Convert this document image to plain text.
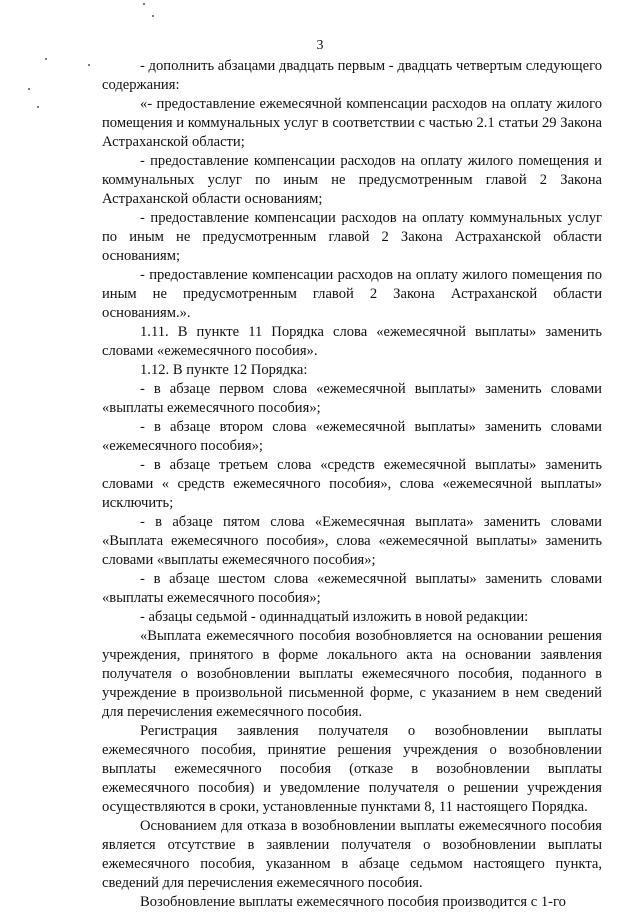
3

- дополнить абзацами двадцать первым - двадцать четвертым следующего содержания:

«- предоставление ежемесячной компенсации расходов на оплату жилого помещения и коммунальных услуг в соответствии с частью 2.1 статьи 29 Закона Астраханской области;

- предоставление компенсации расходов на оплату жилого помещения и коммунальных услуг по иным не предусмотренным главой 2 Закона Астраханской области основаниям;

- предоставление компенсации расходов на оплату коммунальных услуг по иным не предусмотренным главой 2 Закона Астраханской области основаниям;

- предоставление компенсации расходов на оплату жилого помещения по иным не предусмотренным главой 2 Закона Астраханской области основаниям.».

1.11. В пункте 11 Порядка слова «ежемесячной выплаты» заменить словами «ежемесячного пособия».

1.12. В пункте 12 Порядка:

- в абзаце первом слова «ежемесячной выплаты» заменить словами «выплаты ежемесячного пособия»;

- в абзаце втором слова «ежемесячной выплаты» заменить словами «ежемесячного пособия»;

- в абзаце третьем слова «средств ежемесячной выплаты» заменить словами « средств ежемесячного пособия», слова «ежемесячной выплаты» исключить;

- в абзаце пятом слова «Ежемесячная выплата» заменить словами «Выплата ежемесячного пособия», слова «ежемесячной выплаты» заменить словами «выплаты ежемесячного пособия»;

- в абзаце шестом слова «ежемесячной выплаты» заменить словами «выплаты ежемесячного пособия»;

- абзацы седьмой - одиннадцатый изложить в новой редакции:

«Выплата ежемесячного пособия возобновляется на основании решения учреждения, принятого в форме локального акта на основании заявления получателя о возобновлении выплаты ежемесячного пособия, поданного в учреждение в произвольной письменной форме, с указанием в нем сведений для перечисления ежемесячного пособия.

Регистрация заявления получателя о возобновлении выплаты ежемесячного пособия, принятие решения учреждения о возобновлении выплаты ежемесячного пособия (отказе в возобновлении выплаты ежемесячного пособия) и уведомление получателя о решении учреждения осуществляются в сроки, установленные пунктами 8, 11 настоящего Порядка.

Основанием для отказа в возобновлении выплаты ежемесячного пособия является отсутствие в заявлении получателя о возобновлении выплаты ежемесячного пособия, указанном в абзаце седьмом настоящего пункта, сведений для перечисления ежемесячного пособия.

Возобновление выплаты ежемесячного пособия производится с 1-го
